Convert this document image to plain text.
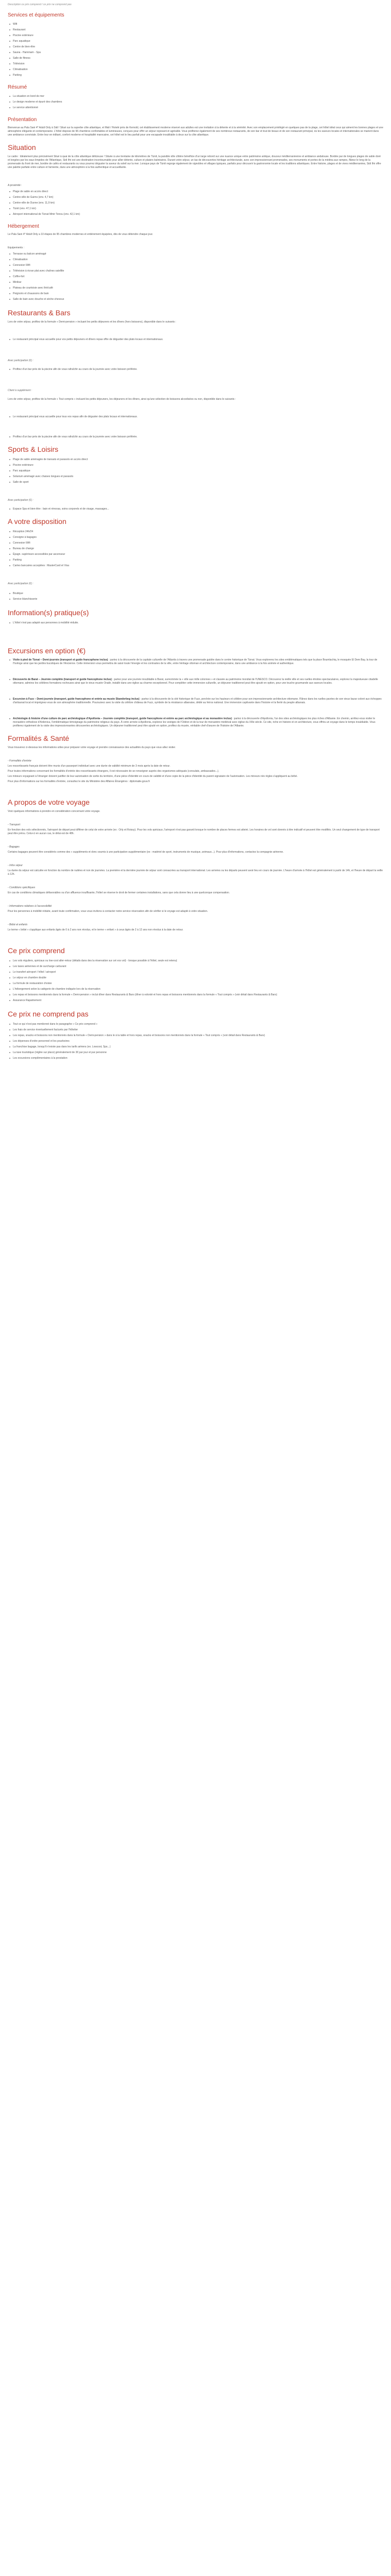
Description ce prix comprend / ce prix ne comprend pas
Services et équipements
Wifi
Restaurant
Piscine extérieure
Parc aquatique
Centre de bien-être
Sauna - Hammam - Spa
Salle de fitness
Télévision
Climatisation
Parking
Résumé
La situation en bord de mer
Le design moderne et épuré des chambres
Le service attentionné
Présentation

Bienvenue au Pala Sani 4* Adult Only à Sidi ! Situé sur la superbe côte atlantique, et Mali / Hotelé près de Kernold, cet établissement moderne réservé aux adultes est une invitation à la détente et à la sérénité. Avec son emplacement privilégié en quelques pas de la plage, cet hôtel idéal ceux qui aiment les bonnes plages et une atmosphère élégante et contemporaine. L'hôtel dispose de 96 chambres confortables et lumineuses, conçues pour offrir un séjour reposant et agréable. Vous profiterez également de ses nombreux restaurants, de son bar et tout de beaux et de son restaurant principal, où les saveurs locales et internationales se marient dans une ambiance conviviale. Entre leur en éditant, confort moderne et hospitalité marocaine, cet hôtel est le lieu parfait pour une escapade inoubliable à deux sur la côte atlantique.

Situation

Le cadre : Idéalement plus précisément Situé à quai de la côte atlantique délicieuse ! Située à une trentaine de kilomètres de Tiznit, la paisible ville côtière bénéficie d'un large rebord sur une nuance unique entre patrimoine antique, douceur méditerranéenne et ambiance andalouse. Bordée par de longues plages de sable doré et longées par les eaux limpides de l'Atlantique, Sidi Ifni est une destination incontournable pour allier détente, culture et plaisirs balnéaires. Durant votre séjour, un tas de découvertes héritage architecturale, avec son impressionnant promenades, ses monuments et portes de la médina aux rampes, flânez le long de la promenade du front de mer, bordée de cafés et restaurants ou vous pourrez déguster la saveur du soleil sur la mer. Lorsque pays de Tiznit regorge également de vignobles et villages typiques, parfaits pour découvrir la gastronomie locale et les traditions atlantiques. Entre histoire, plages et de vives méditerranées, Sidi Ifni offre une palette parfaite entre culture et farniente, dans une atmosphère à la fois authentique et accueillante.

A proximité :

Plage de sable en accès direct
Centre-ville de Guims (env. 4,7 km)
Centre-ville de Dunne (env. 11,9 km)
Tiznit (env. 47,1 km)
Aéroport international de Tiznat Mmir Tenou (env. 42,1 km)
Hébergement

Le Pala Sani 4* Adult Only a 10 étapes de 95 chambres modernes et entièrement équipées, dès de vous détendre chaque jour.

Equipements :

Terrasse ou balcon aménagé
Climatisation
Connexion Wifi
Télévision à écran plat avec chaînes satellite
Coffre-fort
Minibar
Plateau de courtoisie avec thé/café
Peignoirs et chaussons de bain
Salle de bain avec douche et sèche-cheveux
Restaurants & Bars

Lors de votre séjour, profitez de la formule « Demi-pension » incluant les petits déjeuners et les dîners (hors boissons), disponible dans le suivants :

Le restaurant principal vous accueille pour vos petits déjeuners et dîners repas offre de dégustier des plats locaux et internationaux.
Avec participation (€) :
Profitez d'un bar près de la piscine afin de vous rafraîchir au cours de la journée avec votre boisson préférée.
Client à supplément :

Lors de votre séjour, profitez de la formule « Tout compris » incluant les petits déjeuners, les déjeuners et les dîners, ainsi qu'une sélection de boissons alcoolisées ou non, disponible dans le suivants :

Le restaurant principal vous accueille pour tous vos repas afin de déguster des plats locaux et internationaux.
Profitez d'un bar près de la piscine afin de vous rafraîchir au cours de la journée avec votre boisson préférée.
Sports & Loisirs
Plage de sable aménagée de transats et parasols en accès direct
Piscine extérieure
Parc aquatique
Solarium aménagé avec chaises longues et parasols
Salle de sport
Avec participation (€) :
Espace Spa et bien-être : bain et rénovas, soins corporels et de visage, massages...
A votre disposition
Réception 24h/24
Consigne à bagages
Connexion Wifi
Bureau de change
Épagn. supérieure accessibles par ascenseur
Parking
Cartes bancaires acceptées : MasterCard et Visa
Avec participation (€) :
Boutique
Service blanchisserie
Information(s) pratique(s)
L'hôtel n'est pas adapté aux personnes à mobilité réduite.
Excursions en option (€)
Visite à pied de Tiznat – Demi-journée (transport et guide francophone inclus) : partez à la découverte de la capitale culturelle de l'Atlantis à travers une promenade guidée dans le centre historique de Tiznat. Vous explorerez les sites emblématiques tels que la place Boumlachiq, le mosquée El Dem Bay, la tour de l'horloge ainsi que les jardins bucoliques de l'Ancienne. Cette immersion vous permettra de saisir toute l'énergie et les contrastes de la ville, entre héritage ottoman et architecture contemporaine, dans une ambiance à la fois animée et authentique.
Découverte de Barat – Journée complète (transport et guide francophone inclus) : partez pour une journée inoubliable à Barat, surnommée la « ville aux mille colonnes » et classée au patrimoine mondial de l'UNESCO. Découvrez la vieille ville et ses ruelles étroites spectaculaires, explorez la majestueuse citadelle ottomane, admirez les célèbres formations rocheuses ainsi que le vieux musée Oradir, installé dans une église au charme exceptionnel. Pour compléter cette immersion culturelle, un déjeuner traditionnel peut être ajouté en option, pour une touche gourmande aux saveurs locales.
Excursion à Fuzz – Demi-journée (transport, guide francophone et entrée au musée Skanderbeg inclus) : partez à la découverte de la cité historique de Fuzz, perchée sur les hauteurs et célèbre pour son impressionnante architecture ottomane. Flânez dans les ruelles pavées de son vieux bazar coloré aux échoppes d'artisanat local et imprégnez-vous de son atmosphère traditionnelle. Poursuivez avec la visite du célèbre château de Fuzz, symbole de la résistance albanaise, dédié au héros national. Une immersion captivante dans l'histoire et la fierté du peuple albanais.
Archéologie & histoire d'une culture de parc archéologique d'Apollonia – Journée complète (transport, guide francophone et entrée au parc archéologique et au monastère inclus) : partez à la découverte d'Apollonia, l'un des sites archéologiques les plus riches d'Albanie. En chemin, arrêtez-vous visiter le monastère orthodoxe d'Ardenica, l'emblématique témoignage du patrimoine religieux du pays. À votre arrivée à Apollonia, explorez les vestiges de l'Odéon et de la tour de monastère médiéval avec église du XIIIe siècle. Ce site, riche en histoire et en architecture, vous offrira un voyage dans le temps inoubliable. Vous profiterez également de la visite des impressionnantes découvertes archéologiques. Un déjeuner traditionnel peut être ajouté en option, profitez du musée, véritable chef-d'œuvre de l'histoire de l'Albanie.
Formalités & Santé

Vous trouverez ci-dessous les informations utiles pour préparer votre voyage et prendre connaissance des actualités du pays que vous allez visiter.

- Formalités d'entrée

Les ressortissants français doivent être munis d'un passeport individuel avec une durée de validité minimum de 3 mois après la date de retour.

Pour toutes informations concernant les formalités d'entrée des ressortissants étrangers, il est nécessaire de se renseigner auprès des organismes adéquats (consulats, ambassades...).

Les mineurs voyageant à l'étranger doivent justifier de leur autorisation de sortie du territoire, d'une pièce d'identité en cours de validité et d'une copie de la pièce d'identité du parent signataire de l'autorisation. Les mineurs nés règles s'appliquent au bébé.

Pour plus d'informations sur les formalités d'entrée, consultez le site du Ministère des Affaires Étrangères : diplomatie.gouv.fr

A propos de votre voyage

Voici quelques informations à prendre en considération concernant votre voyage.

- Transport

En fonction des vols sélectionnés, l'aéroport de départ peut différer de celui de votre arrivée (ex : Orly et Roissy). Pour les vols spéciaux, l'aéroport n'est pas garanti lorsque le nombre de places fermes est atteint. Les horaires de vol sont donnés à titre indicatif et peuvent être modifiés. Un seul changement de type de transport peut être prévu. Celui-ci en aucun cas, le délai est de 48h.

- Bagages

Certains bagages peuvent être considérés comme des « suppléments et donc soumis à une participation supplémentaire (ex : matériel de sport, instruments de musique, animaux...). Pour plus d'informations, contactez la compagnie aérienne.

- Infos séjour

La durée du séjour est calculée en fonction du nombre de nuitées et non de journées. La première et la dernière journée de séjour sont consacrées au transport international. Les arrivées ou les départs peuvent avoir lieu en cours de journée. L'heure d'arrivée à l'hôtel est généralement à partir de 14h, et l'heure de départ la veille à 12h.

- Conditions spécifiques

En cas de conditions climatiques défavorables ou d'un affluence insuffisante, l'hôtel se réserve le droit de fermer certaines installations, sans que cela donne lieu à une quelconque compensation.

- Informations relatives à l'accessibilité

Pour les personnes à mobilité réduite, avant toute confirmation, vous vous invitons à contacter notre service réservation afin de vérifier si le voyage est adapté à votre situation.

- Bébé et enfants

Le terme « bébé » s'applique aux enfants âgés de 0 à 2 ans non révolus, et le terme « enfant » à ceux âgés de 2 à 12 ans non révolus à la date de retour.

Ce prix comprend
Les vols réguliers, spéciaux ou low-cost aller-retour (détails dans des la réservation sur cet vos vol) - lorsque possible à l'hôtel, seule est retenu)
Les taxes aériennes et de surcharge carburant
Le transfert aéroport / hôtel / aéroport
Le séjour en chambre double
La formule de restauration choisie
L'hébergement selon la catégorie de chambre indiquée lors de la réservation
Les repas et boissons mentionnés dans la formule « Demi-pension » inclut dîner dans Restaurants & Bars (dîner à volonté et hors repas et boissons mentionnés dans la formule « Tout compris » (voir détail dans Restaurants & Bars)
Assurance Rapatriement
Ce prix ne comprend pas
Tout ce qui n'est pas mentionné dans le paragraphe « Ce prix comprend »
Les frais de service éventuellement facturés par l'hôtelier
Les repas, snacks et boissons non mentionnés dans la formule « Demi-pension » dans le à la table et hors repas, snacks et boissons non mentionnés dans la formule « Tout compris » (voir détail dans Restaurants & Bars)
Les dépenses d'ordre personnel et les pourboires
La franchise bagage, lorsqu'il n'existe pas dans les tarifs aériens (ex. Lowcost, Sps...)
La taxe touristique (réglée sur place) généralement de 3€ par jour et par personne
Les excursions complémentaires à la prestation
